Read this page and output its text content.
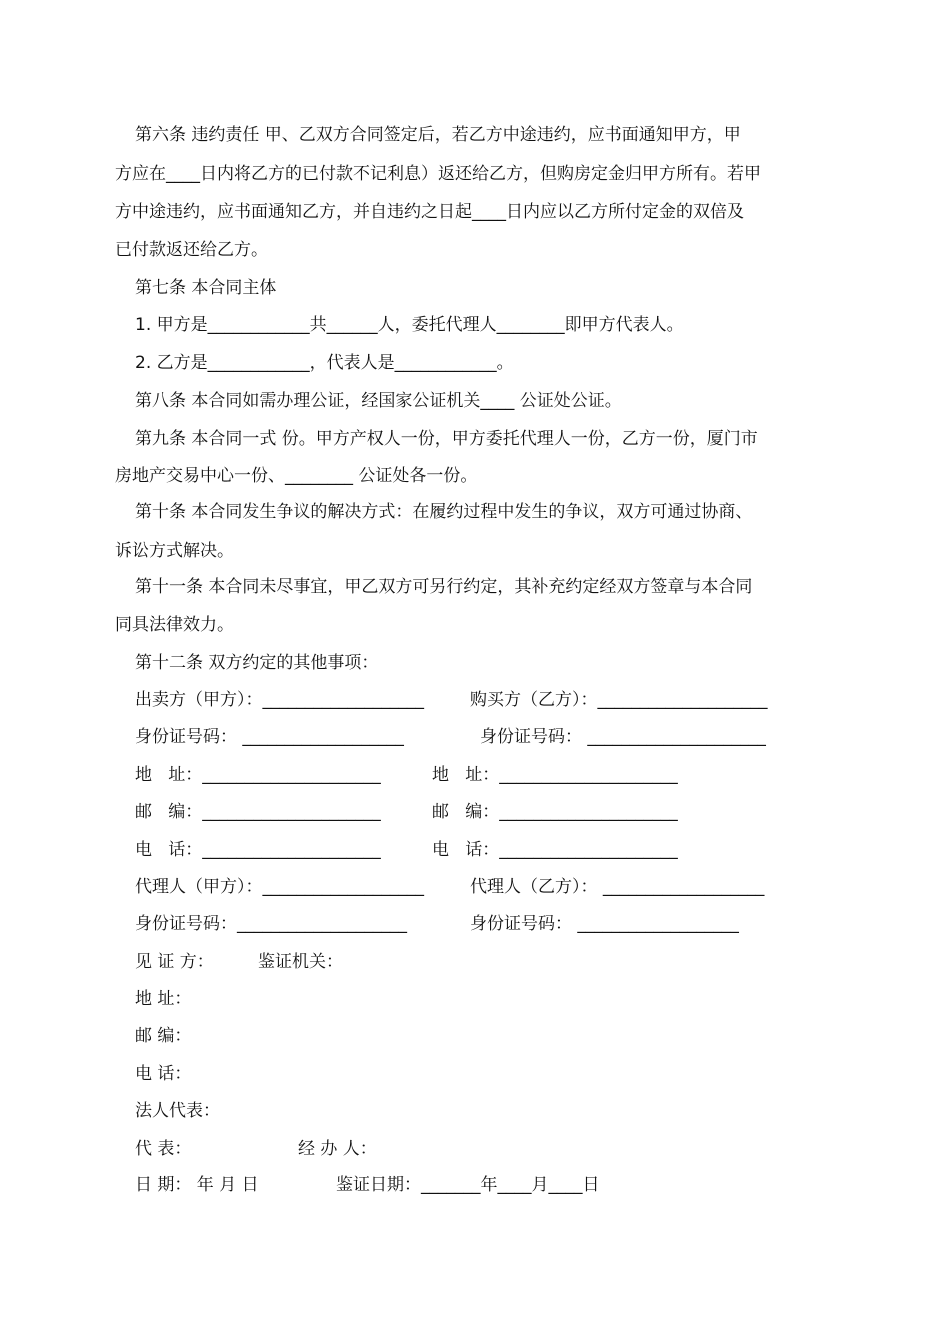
第六条 违约责任 甲、乙双方合同签定后，若乙方中途违约，应书面通知甲方，甲
方应在____日内将乙方的已付款不记利息）返还给乙方，但购房定金归甲方所有。若甲
方中途违约，应书面通知乙方，并自违约之日起____日内应以乙方所付定金的双倍及
已付款返还给乙方。
第七条 本合同主体
1. 甲方是____________共______人，委托代理人________即甲方代表人。
2. 乙方是____________，代表人是____________。
第八条 本合同如需办理公证，经国家公证机关____ 公证处公证。
第九条 本合同一式 份。甲方产权人一份，甲方委托代理人一份，乙方一份，厦门市
房地产交易中心一份、________ 公证处各一份。
第十条 本合同发生争议的解决方式：在履约过程中发生的争议，双方可通过协商、
诉讼方式解决。
第十一条 本合同未尽事宜，甲乙双方可另行约定，其补充约定经双方签章与本合同
同具法律效力。
第十二条 双方约定的其他事项：
出卖方（甲方）：___________________	购买方（乙方）：____________________
身份证号码： ___________________	身份证号码： _____________________
地   址：_____________________	地   址：_____________________
邮   编：_____________________	邮   编：_____________________
电   话：_____________________	电   话：_____________________
代理人（甲方）：___________________	代理人（乙方）： ___________________
身份证号码：____________________	身份证号码： ___________________
见 证 方：	鉴证机关：
地 址：
邮 编：
电 话：
法人代表：
代 表：	经 办 人：
日 期： 年 月 日	鉴证日期：_______年____月____日
